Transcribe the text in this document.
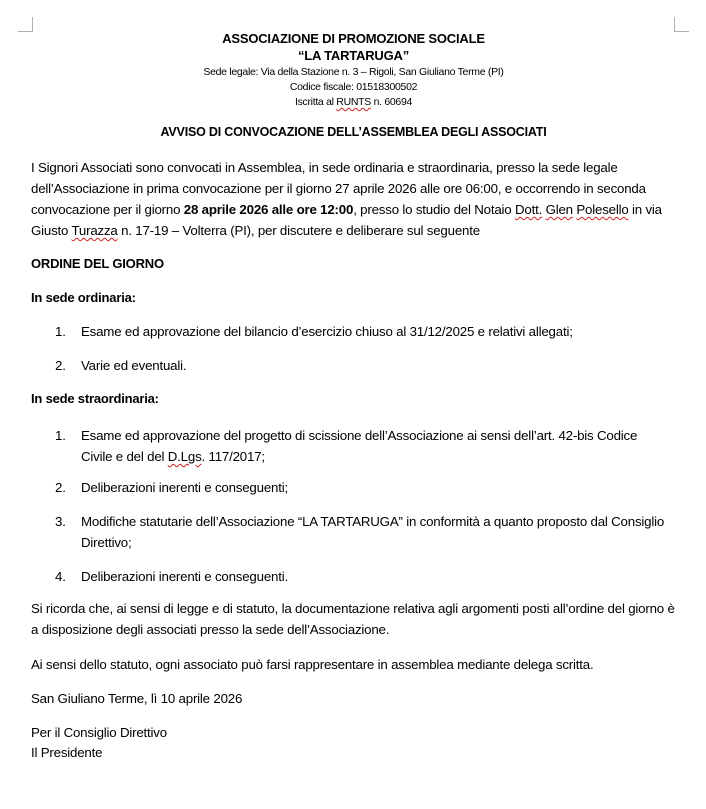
ASSOCIAZIONE DI PROMOZIONE SOCIALE
“LA TARTARUGA”
Sede legale: Via della Stazione n. 3 – Rigoli, San Giuliano Terme (PI)
Codice fiscale: 01518300502
Iscritta al RUNTS n. 60694
AVVISO DI CONVOCAZIONE DELL’ASSEMBLEA DEGLI ASSOCIATI
I Signori Associati sono convocati in Assemblea, in sede ordinaria e straordinaria, presso la sede legale dell’Associazione in prima convocazione per il giorno 27 aprile 2026 alle ore 06:00, e occorrendo in seconda convocazione per il giorno 28 aprile 2026 alle ore 12:00, presso lo studio del Notaio Dott. Glen Polesello in via Giusto Turazza n. 17-19 – Volterra (PI), per discutere e deliberare sul seguente
ORDINE DEL GIORNO
In sede ordinaria:
1. Esame ed approvazione del bilancio d’esercizio chiuso al 31/12/2025 e relativi allegati;
2. Varie ed eventuali.
In sede straordinaria:
1. Esame ed approvazione del progetto di scissione dell’Associazione ai sensi dell’art. 42-bis Codice Civile e del del D.Lgs. 117/2017;
2. Deliberazioni inerenti e conseguenti;
3. Modifiche statutarie dell’Associazione “LA TARTARUGA” in conformità a quanto proposto dal Consiglio Direttivo;
4. Deliberazioni inerenti e conseguenti.
Si ricorda che, ai sensi di legge e di statuto, la documentazione relativa agli argomenti posti all’ordine del giorno è a disposizione degli associati presso la sede dell’Associazione.
Ai sensi dello statuto, ogni associato può farsi rappresentare in assemblea mediante delega scritta.
San Giuliano Terme, lì 10 aprile 2026
Per il Consiglio Direttivo
Il Presidente
